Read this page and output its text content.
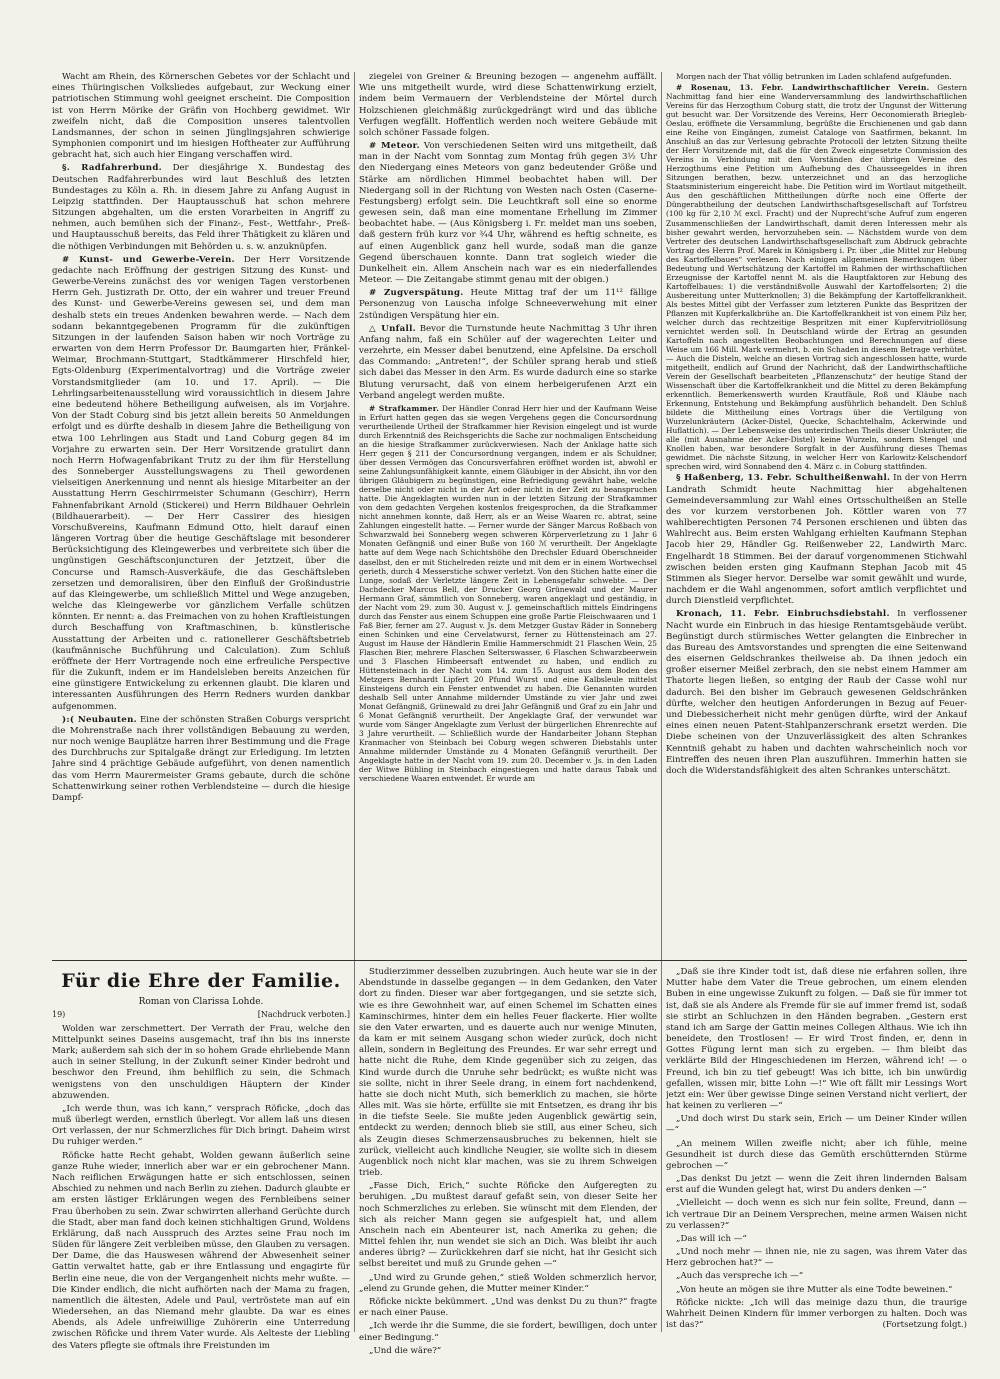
Wacht am Rhein, des Körnerschen Gebetes vor der Schlacht und eines Thüringischen Volksliedes aufgebaut, zur Weckung einer patriotischen Stimmung wohl geeignet erscheint. Die Composition ist von Herrn Mörike der Gräfin von Hochberg gewidmet. Wir zweifeln nicht, daß die Composition unseres talentvollen Landsmannes, der schon in seinen Jünglingsjahren schwierige Symphonien componirt und im hiesigen Hoftheater zur Aufführung gebracht hat, sich auch hier Eingang verschaffen wird.

§. Radfahrerbund. Der diesjährige X. Bundestag des Deutschen Radfahrerbundes wird laut Beschluß des letzten Bundestages zu Köln a. Rh. in diesem Jahre zu Anfang August in Leipzig stattfinden. Der Hauptausschuß hat schon mehrere Sitzungen abgehalten, um die ersten Vorarbeiten in Angriff zu nehmen, auch bemühen sich der Finanz-, Fest-, Wettfahr-, Preß- und Hauptausschuß bereits, das Feld ihrer Thätigkeit zu klären und die nöthigen Verbindungen mit Behörden u. s. w. anzuknüpfen.

# Kunst- und Gewerbe-Verein. Der Herr Vorsitzende gedachte nach Eröffnung der gestrigen Sitzung des Kunst- und Gewerbe-Vereins zunächst des vor wenigen Tagen verstorbenen Herrn Geh. Justizrath Dr. Otto, der ein wahrer und treuer Freund des Kunst- und Gewerbe-Vereins gewesen sei, und dem man deshalb stets ein treues Andenken bewahren werde. — Nach dem sodann bekanntgegebenen Programm für die zukünftigen Sitzungen in der laufenden Saison haben wir noch Vorträge zu erwarten von dem Herrn Professor Dr. Baumgarten hier, Fränkel-Weimar, Brochmann-Stuttgart, Stadtkämmerer Hirschfeld hier, Egts-Oldenburg (Experimentalvortrag) und die Vorträge zweier Vorstandsmitglieder (am 10. und 17. April). — Die Lehrlingsarbeitenausstellung wird voraussichtlich in diesem Jahre eine bedeutend höhere Betheiligung aufweisen, als im Vorjahre. Von der Stadt Coburg sind bis jetzt allein bereits 50 Anmeldungen erfolgt und es dürfte deshalb in diesem Jahre die Betheiligung von etwa 100 Lehrlingen aus Stadt und Land Coburg gegen 84 im Vorjahre zu erwarten sein. Der Herr Vorsitzende gratulirt dann noch Herrn Hofwagenfabrikant Trutz zu der ihm für Herstellung des Sonneberger Ausstellungswagens zu Theil gewordenen vielseitigen Anerkennung und nennt als hiesige Mitarbeiter an der Ausstattung Herrn Geschirrmeister Schumann (Geschirr), Herrn Fahnenfabrikant Arnold (Stickerei) und Herrn Bildhauer Oehrlein (Bildhauerarbeit). — Der Herr Cassirer des hiesigen Vorschußvereins, Kaufmann Edmund Otto, hielt darauf einen längeren Vortrag über die heutige Geschäftslage mit besonderer Berücksichtigung des Kleingewerbes und verbreitete sich über die ungünstigen Geschäftsconjuncturen der Jetztzeit, über die Concurse und Ramsch-Ausverkäufe, die das Geschäftsleben zersetzen und demoralisiren, über den Einfluß der Großindustrie auf das Kleingewerbe, um schließlich Mittel und Wege anzugeben, welche das Kleingewerbe vor gänzlichem Verfalle schützen könnten. Er nennt: a. das Freimachen von zu hohen Kraftleistungen durch Beschaffung von Kraftmaschinen, b. künstlerische Ausstattung der Arbeiten und c. rationellerer Geschäftsbetrieb (kaufmännische Buchführung und Calculation). Zum Schluß eröffnete der Herr Vortragende noch eine erfreuliche Perspective für die Zukunft, indem er im Handelsleben bereits Anzeichen für eine günstigere Entwickelung zu erkennen glaubt. Die klaren und interessanten Ausführungen des Herrn Redners wurden dankbar aufgenommen.

):( Neubauten. Eine der schönsten Straßen Coburgs verspricht die Mohrenstraße nach ihrer vollständigen Bebauung zu werden, nur noch wenige Bauplätze harren ihrer Bestimmung und die Frage des Durchbruchs zur Spitalgaße drängt zur Erledigung. Im letzten Jahre sind 4 prächtige Gebäude aufgeführt, von denen namentlich das vom Herrn Maurermeister Grams gebaute, durch die schöne Schattenwirkung seiner rothen Verblendsteine — durch die hiesige Dampf-

ziegelei von Greiner & Breuning bezogen — angenehm auffällt. Wie uns mitgetheilt wurde, wird diese Schattenwirkung erzielt, indem beim Vermauern der Verblendsteine der Mörtel durch Holzschienen gleichmäßig zurückgedrängt wird und das übliche Verfugen wegfällt. Hoffentlich werden noch weitere Gebäude mit solch schöner Fassade folgen.

# Meteor. Von verschiedenen Seiten wird uns mitgetheilt, daß man in der Nacht vom Sonntag zum Montag früh gegen 3½ Uhr den Niedergang eines Meteors von ganz bedeutender Größe und Stärke am nördlichen Himmel beobachtet haben will. Der Niedergang soll in der Richtung von Westen nach Osten (Caserne-Festungsberg) erfolgt sein. Die Leuchtkraft soll eine so enorme gewesen sein, daß man eine momentane Erhellung im Zimmer beobachtet habe. — (Aus Königsberg i. Fr. meldet man uns soeben, daß gestern früh kurz vor ¾4 Uhr, während es heftig schneite, es auf einen Augenblick ganz hell wurde, sodaß man die ganze Gegend überschauen konnte. Dann trat sogleich wieder die Dunkelheit ein. Allem Anschein nach war es ein niederfallendes Meteor. — Die Zeitangabe stimmt genau mit der obigen.)

# Zugverspätung. Heute Mittag traf der um 11¹² fällige Personenzug von Lauscha infolge Schneeverwehung mit einer 2stündigen Verspätung hier ein.

△ Unfall. Bevor die Turnstunde heute Nachmittag 3 Uhr ihren Anfang nahm, faß ein Schüler auf der wagerechten Leiter und verzehrte, ein Messer dabei benutzend, eine Apfelsine. Da erscholl das Commando: „Antreten!“, der Schüler sprang herab und stieß sich dabei das Messer in den Arm. Es wurde dadurch eine so starke Blutung verursacht, daß von einem herbeigerufenen Arzt ein Verband angelegt werden mußte.

# Strafkammer. Der Händler Conrad Herr hier und der Kaufmann Weise in Erfurt hatten gegen das sie wegen Vergehens gegen die Concursordnung verurtheilende Urtheil der Strafkammer hier Revision eingelegt und ist wurde durch Erkenntniß des Reichsgerichts die Sache zur nochmaligen Entscheidung an die hiesige Strafkammer zurückverwiesen. Nach der Anklage hatte sich Herr gegen § 211 der Concursordnung vergangen, indem er als Schuldner, über dessen Vermögen das Concursverfahren eröffnet worden ist, abwohl er seine Zahlungsunfähigkeit kannte, einem Gläubiger in der Absicht, ihn vor den übrigen Gläubigern zu begünstigen, eine Befriedigung gewährt habe, welche derselbe nicht oder nicht in der Art oder nicht in der Zeit zu beanspruchen hatte. Die Angeklagten wurden nun in der letzten Sitzung der Strafkammer von dem gedachten Vergehen kostenlos freigesprochen, da die Strafkammer nicht annehmen konnte, daß Herr, als er an Weise Waaren rc. abtrat, seine Zahlungen eingestellt hatte. — Ferner wurde der Sänger Marcus Roßbach von Schwarzwald bei Sonneberg wegen schweren Körperverletzung zu 1 Jahr 6 Monaten Gefängniß und einer Buße von 160 ℳ verurtheilt. Der Angeklagte hatte auf dem Wege nach Schichtshöhe den Drechsler Eduard Oberschneider daselbst, den er mit Stichelreden reizte und mit dem er in einem Wortwechsel gerieth, durch 4 Messerstiche schwer verletzt. Von den Stichen hatte einer die Lunge, sodaß der Verletzte längere Zeit in Lebensgefahr schwebte. — Der Dachdecker Marcus Bell, der Drucker Georg Grünewald und der Maurer Hermann Graf, sämmtlich von Sonneberg, waren angeklagt und geständig, in der Nacht vom 29. zum 30. August v. J. gemeinschaftlich mittels Eindringens durch das Fenster aus einem Schuppen eine große Partie Fleischwaaren und 1 Faß Bier, ferner am 27. August v. Js. dem Metzger Gustav Räder in Sonneberg einen Schinken und eine Cervelatwurst, ferner zu Hüttensteinach am 27. August im Hause der Händlerin Emilie Hammerschmidt 21 Flaschen Wein, 25 Flaschen Bier, mehrere Flaschen Selterswasser, 6 Flaschen Schwarzbeerwein und 3 Flaschen Himbeersaft entwendet zu haben, und endlich zu Hüttensteinach in der Nacht vom 14. zum 15. August aus dem Boden des Metzgers Bernhardt Lipfert 20 Pfund Wurst und eine Kalbsleule mittelst Einsteigens durch ein Fenster entwendet zu haben. Die Genannten wurden deshalb Sell unter Annahme mildernder Umstände zu vier Jahr und zwei Monat Gefängniß, Grünewald zu drei Jahr Gefängniß und Graf zu ein Jahr und 6 Monat Gefängniß verurtheilt. Der Angeklagte Graf, der verwundet war wurde vom Sänger Angeklagte zum Verlust der bürgerlichen Ehrenrechte auf 3 Jahre verurtheilt. — Schließlich wurde der Handarbeiter Johann Stephan Kranmacher von Steinbach bei Coburg wegen schweren Diebstahls unter Annahme mildernder Umstände zu 4 Monaten Gefängniß verurtheilt. Der Angeklagte hatte in der Nacht vom 19. zum 20. December v. Js. in den Laden der Witwe Bühling in Steinbach eingestiegen und hatte daraus Tabak und verschiedene Waaren entwendet. Er wurde am

Morgen nach der That völlig betrunken im Laden schlafend aufgefunden.

# Rosenau, 13. Febr. Landwirthschaftlicher Verein. Gestern Nachmittag fand hier eine Wanderversammlung des landwirthschaftlichen Vereins für das Herzogthum Coburg statt, die trotz der Ungunst der Witterung gut besucht war. Der Vorsitzende des Vereins, Herr Oeconomierath Briegleb-Oeslau, eröffnete die Versammlung, begrüßte die Erschienenen und gab dann eine Reihe von Eingängen, zumeist Cataloge von Saatfirmen, bekannt. Im Anschluß an das zur Verlesung gebrachte Protocoll der letzten Sitzung theilte der Herr Vorsitzende mit, daß die für den Zweck eingesetzte Commission des Vereins in Verbindung mit den Vorständen der übrigen Vereine des Herzogthums eine Petition um Aufhebung des Chausseegeldes in ihren Sitzungen berathen, bezw. unterzeichnet und an das herzogliche Staatsministerium eingereicht habe. Die Petition wird im Wortlaut mitgetheilt. Aus den geschäftlichen Mittheilungen dürfte noch eine Offerte der Düngerabtheilung der deutschen Landwirthschaftsgesellschaft auf Torfstreu (100 kg für 2,10 ℳ excl. Fracht) und der Nuprecht'sche Aufruf zum engeren Zusammenschließen der Landwirthschaft, damit deren Interessen mehr als bisher gewahrt werden, hervorzuheben sein. — Nächstdem wurde von dem Vertreter des deutschen Landwirthschaftsgesellschaft zum Abdruck gebrachte Vortrag des Herrn Prof. Marek in Königsberg i. Pr. über „die Mittel zur Hebung des Kartoffelbaues“ verlesen. Nach einigen allgemeinen Bemerkungen über Bedeutung und Wertschätzung der Kartoffel im Rahmen der wirthschaftlichen Erzeugnisse der Kartoffel nennt M. als die Hauptfaktoren zur Hebung des Kartoffelbaues: 1) die verständnißvolle Auswahl der Kartoffelsorten; 2) die Ausbereitung unter Mutterknollen; 3) die Bekämpfung der Kartoffelkrankheit. Als bestes Mittel gibt der Verfasser zum letzteren Punkte das Bespritzen der Pflanzen mit Kupferkalkbrühe an. Die Kartoffelkrankheit ist von einem Pilz her, welcher durch das rechtzeitige Bespritzen mit einer Kupfervitriollösung vernichtet werden soll. In Deutschland würde der Ertrag an gesunden Kartoffeln nach angestellten Beobachtungen und Berechnungen auf diese Weise um 166 Mill. Mark vermehrt, b. ein Schaden in diesem Betrage verhütet. — Auch die Disteln, welche an diesen Vortrag sich angeschlossen hatte, wurde mitgetheilt, endlich auf Grund der Nachricht, daß der Landwirthschaftliche Verein der Gesellschaft bearbeiteten „Pflanzenschutz“ der heutige Stand der Wissenschaft über die Kartoffelkrankheit und die Mittel zu deren Bekämpfung erkenntlich. Bemerkenswerth wurden Krautfäule, Roß und Kläube nach Erkennung, Entstehung und Bekämpfung ausführlich behandelt. Den Schluß bildete die Mittheilung eines Vortrags über die Vertilgung von Wurzelunkräutern (Acker-Distel, Quecke, Schachtelhalm, Ackerwinde und Huflattich). — Der Lebensweise des unterirdischen Theils dieser Unkräuter, die alle (mit Ausnahme der Acker-Distel) keine Wurzeln, sondern Stengel und Knollen haben, war besondere Sorgfalt in der Ausführung dieses Themas gewidmet. Die nächste Sitzung, in welcher Herr von Karlowitz-Kelschendorf sprechen wird, wird Sonnabend den 4. März c. in Coburg stattfinden.

§ Haßenberg, 13. Febr. Schultheißenwahl. In der von Herrn Landrath Schmidt heute Nachmittag hier abgehaltenen Gemeindeversammlung zur Wahl eines Ortsschultheißen an Stelle des vor kurzem verstorbenen Joh. Köttler waren von 77 wahlberechtigten Personen 74 Personen erschienen und übten das Wahlrecht aus. Beim ersten Wahlgang erhielten Kaufmann Stephan Jacob hier 29, Händler Gg. Reißenweber 22, Landwirth Marc. Engelhardt 18 Stimmen. Bei der darauf vorgenommenen Stichwahl zwischen beiden ersten ging Kaufmann Stephan Jacob mit 45 Stimmen als Sieger hervor. Derselbe war somit gewählt und wurde, nachdem er die Wahl angenommen, sofort amtlich verpflichtet und durch Dienstleid verpflichtet.

Kronach, 11. Febr. Einbruchsdiebstahl. In verflossener Nacht wurde ein Einbruch in das hiesige Rentamtsgebäude verübt. Begünstigt durch stürmisches Wetter gelangten die Einbrecher in das Bureau des Amtsvorstandes und sprengten die eine Seitenwand des eisernen Geldschrankes theilweise ab. Da ihnen jedoch ein großer eiserner Meißel zerbrach, den sie nebst einem Hammer am Thatorte liegen ließen, so entging der Raub der Casse wohl nur dadurch. Bei den bisher im Gebrauch gewesenen Geldschränken dürfte, welcher den heutigen Anforderungen in Bezug auf Feuer- und Diebessicherheit nicht mehr genügen dürfte, wird der Ankauf eines einen neuen Patent-Stahlpanzerschrank ersetzt werden. Die Diebe scheinen von der Unzuverlässigkeit des alten Schrankes Kenntniß gehabt zu haben und dachten wahrscheinlich noch vor Eintreffen des neuen ihren Plan auszuführen. Immerhin hatten sie doch die Widerstandsfähigkeit des alten Schrankes unterschätzt.

Für die Ehre der Familie.
Roman von Clarissa Lohde.
19)	[Nachdruck verboten.]

Wolden war zerschmettert. Der Verrath der Frau, welche den Mittelpunkt seines Daseins ausgemacht, traf ihn bis ins innerste Mark; außerdem sah sich der in so hohem Grade ehrliebende Mann auch in seiner Stellung, in der Zukunft seiner Kinder bedroht und beschwor den Freund, ihm behilflich zu sein, die Schmach wenigstens von den unschuldigen Häuptern der Kinder abzuwenden.

„Ich werde thun, was ich kann,“ versprach Röficke, „doch das muß überlegt werden, ernstlich überlegt. Vor allem laß uns diesen Ort verlassen, der nur Schmerzliches für Dich bringt. Daheim wirst Du ruhiger werden.“

Röficke hatte Recht gehabt, Wolden gewann äußerlich seine ganze Ruhe wieder, innerlich aber war er ein gebrochener Mann. Nach reiflichen Erwägungen hatte er sich entschlossen, seinen Abschied zu nehmen und nach Berlin zu ziehen. Dadurch glaubte er am ersten lästiger Erklärungen wegen des Fernbleibens seiner Frau überhoben zu sein. Zwar schwirrten allerhand Gerüchte durch die Stadt, aber man fand doch keinen stichhaltigen Grund, Woldens Erklärung, daß nach Ausspruch des Arztes seine Frau noch im Süden für längere Zeit verbleiben müsse, den Glauben zu versagen. Der Dame, die das Hauswesen während der Abwesenheit seiner Gattin verwaltet hatte, gab er ihre Entlassung und engagirte für Berlin eine neue, die von der Vergangenheit nichts mehr wußte. — Die Kinder endlich, die nicht aufhörten nach der Mama zu fragen, namentlich die ältesten, Adele und Paul, vertröstete man auf ein Wiedersehen, an das Niemand mehr glaubte. Da war es eines Abends, als Adele unfreiwillige Zuhörerin eine Unterredung zwischen Röficke und ihrem Vater wurde. Als Aelteste der Liebling des Vaters pflegte sie oftmals ihre Freistunden im

Studierzimmer desselben zuzubringen. Auch heute war sie in der Abendstunde in dasselbe gegangen — in dem Gedanken, den Vater dort zu finden. Dieser war aber fortgegangen, und sie setzte sich, wie es ihre Gewohnheit war, auf einen Schemel im Schatten eines Kaminschirmes, hinter dem ein helles Feuer flackerte. Hier wollte sie den Vater erwarten, und es dauerte auch nur wenige Minuten, da kam er mit seinem Ausgang schon wieder zurück, doch nicht allein, sondern in Begleitung des Freundes. Er war sehr erregt und hatte nicht die Ruhe, dem Kinde gegenüber sich zu zeigen, das Kind wurde durch die Unruhe sehr bedrückt; es wußte nicht was sie sollte, nicht in ihrer Seele drang, in einem fort nachdenkend, hatte sie doch nicht Muth, sich bemerklich zu machen, sie hörte Alles mit. Was sie hörte, erfüllte sie mit Entsetzen, es drang ihr bis in die tiefste Seele. Sie mußte jeden Augenblick gewärtig sein, entdeckt zu werden; dennoch blieb sie still, aus einer Scheu, sich als Zeugin dieses Schmerzensausbruches zu bekennen, hielt sie zurück, vielleicht auch kindliche Neugier, sie wollte sich in diesem Augenblick noch nicht klar machen, was sie zu ihrem Schweigen trieb.

„Fasse Dich, Erich,“ suchte Röficke den Aufgeregten zu beruhigen. „Du mußtest darauf gefaßt sein, von dieser Seite her noch Schmerzliches zu erleben. Sie wünscht mit dem Elenden, der sich als reicher Mann gegen sie aufgespielt hat, und allem Anschein nach ein Abenteurer ist, nach Amerika zu gehen; die Mittel fehlen ihr, nun wendet sie sich an Dich. Was bleibt ihr auch anderes übrig? — Zurückkehren darf sie nicht, hat ihr Gesicht sich selbst bereitet und muß zu Grunde gehen —“

„Und wird zu Grunde gehen,“ stieß Wolden schmerzlich hervor, „elend zu Grunde gehen, die Mutter meiner Kinder.“

Röficke nickte bekümmert. „Und was denkst Du zu thun?“ fragte er nach einer Pause.

„Ich werde ihr die Summe, die sie fordert, bewilligen, doch unter einer Bedingung.“

„Und die wäre?“

„Daß sie ihre Kinder todt ist, daß diese nie erfahren sollen, ihre Mutter habe dem Vater die Treue gebrochen, um einem elenden Buben in eine ungewisse Zukunft zu folgen. — Daß sie für immer tot ist, daß sie als Andere als Fremde für sie auf immer fremd ist, sodaß sie stirbt an Schluchzen in den Händen begraben. „Gestern erst stand ich am Sarge der Gattin meines Collegen Althaus. Wie ich ihn beneidete, den Trostlosen! — Er wird Trost finden, er, denn in Gottes Fügung lernt man sich zu ergeben. — Ihm bleibt das verklärte Bild der Hingeschiedenen im Herzen, während ich! — o Freund, ich bin zu tief gebeugt! Was ich bitte, ich bin unwürdig gefallen, wissen mir, bitte Lohn —!“ Wie oft fällt mir Lessings Wort jetzt ein: Wer über gewisse Dinge seinen Verstand nicht verliert, der hat keinen zu verlieren —“

„Und doch wirst Du stark sein, Erich — um Deiner Kinder willen —“

„An meinem Willen zweifle nicht; aber ich fühle, meine Gesundheit ist durch diese das Gemüth erschütternden Stürme gebrochen —“

„Das denkst Du jetzt — wenn die Zeit ihren lindernden Balsam erst auf die Wunden gelegt hat, wirst Du anders denken —“

„Vielleicht — doch wenn es sich nur fein sollte, Freund, dann — ich vertraue Dir an Deinem Versprechen, meine armen Waisen nicht zu verlassen?“

„Das will ich —“

„Und noch mehr — ihnen nie, nie zu sagen, was ihrem Vater das Herz gebrochen hat?“ —

„Auch das verspreche ich —“

„Von heute an mögen sie ihre Mutter als eine Todte beweinen.“

Röficke nickte: „Ich will das meinige dazu thun, die traurige Wahrheit Deinen Kindern für immer verborgen zu halten. Doch was ist das?“	(Fortsetzung folgt.)
